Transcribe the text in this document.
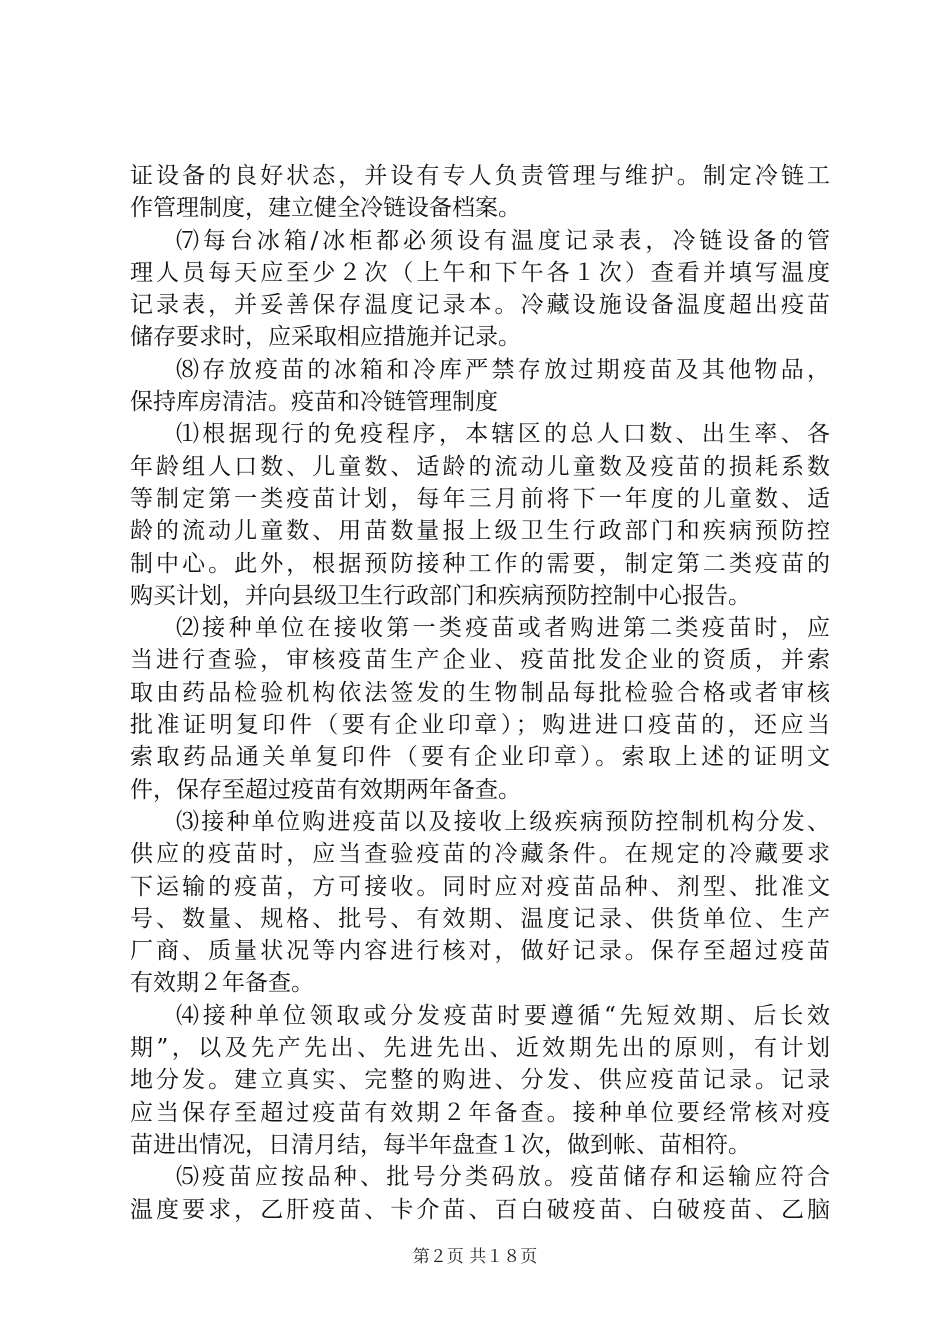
证设备的良好状态，并设有专人负责管理与维护。制定冷链工
作管理制度，建立健全冷链设备档案。
⑺每台冰箱/冰柜都必须设有温度记录表，冷链设备的管
理人员每天应至少２次（上午和下午各１次）查看并填写温度
记录表，并妥善保存温度记录本。冷藏设施设备温度超出疫苗
储存要求时，应采取相应措施并记录。
⑻存放疫苗的冰箱和冷库严禁存放过期疫苗及其他物品，
保持库房清洁。疫苗和冷链管理制度
⑴根据现行的免疫程序，本辖区的总人口数、出生率、各
年龄组人口数、儿童数、适龄的流动儿童数及疫苗的损耗系数
等制定第一类疫苗计划，每年三月前将下一年度的儿童数、适
龄的流动儿童数、用苗数量报上级卫生行政部门和疾病预防控
制中心。此外，根据预防接种工作的需要，制定第二类疫苗的
购买计划，并向县级卫生行政部门和疾病预防控制中心报告。
⑵接种单位在接收第一类疫苗或者购进第二类疫苗时，应
当进行查验，审核疫苗生产企业、疫苗批发企业的资质，并索
取由药品检验机构依法签发的生物制品每批检验合格或者审核
批准证明复印件（要有企业印章）；购进进口疫苗的，还应当
索取药品通关单复印件（要有企业印章）。索取上述的证明文
件，保存至超过疫苗有效期两年备查。
⑶接种单位购进疫苗以及接收上级疾病预防控制机构分发、
供应的疫苗时，应当查验疫苗的冷藏条件。在规定的冷藏要求
下运输的疫苗，方可接收。同时应对疫苗品种、剂型、批准文
号、数量、规格、批号、有效期、温度记录、供货单位、生产
厂商、质量状况等内容进行核对，做好记录。保存至超过疫苗
有效期２年备查。
⑷接种单位领取或分发疫苗时要遵循“先短效期、后长效
期”，以及先产先出、先进先出、近效期先出的原则，有计划
地分发。建立真实、完整的购进、分发、供应疫苗记录。记录
应当保存至超过疫苗有效期２年备查。接种单位要经常核对疫
苗进出情况，日清月结，每半年盘查１次，做到帐、苗相符。
⑸疫苗应按品种、批号分类码放。疫苗储存和运输应符合
温度要求，乙肝疫苗、卡介苗、百白破疫苗、白破疫苗、乙脑
第２页 共１８页
